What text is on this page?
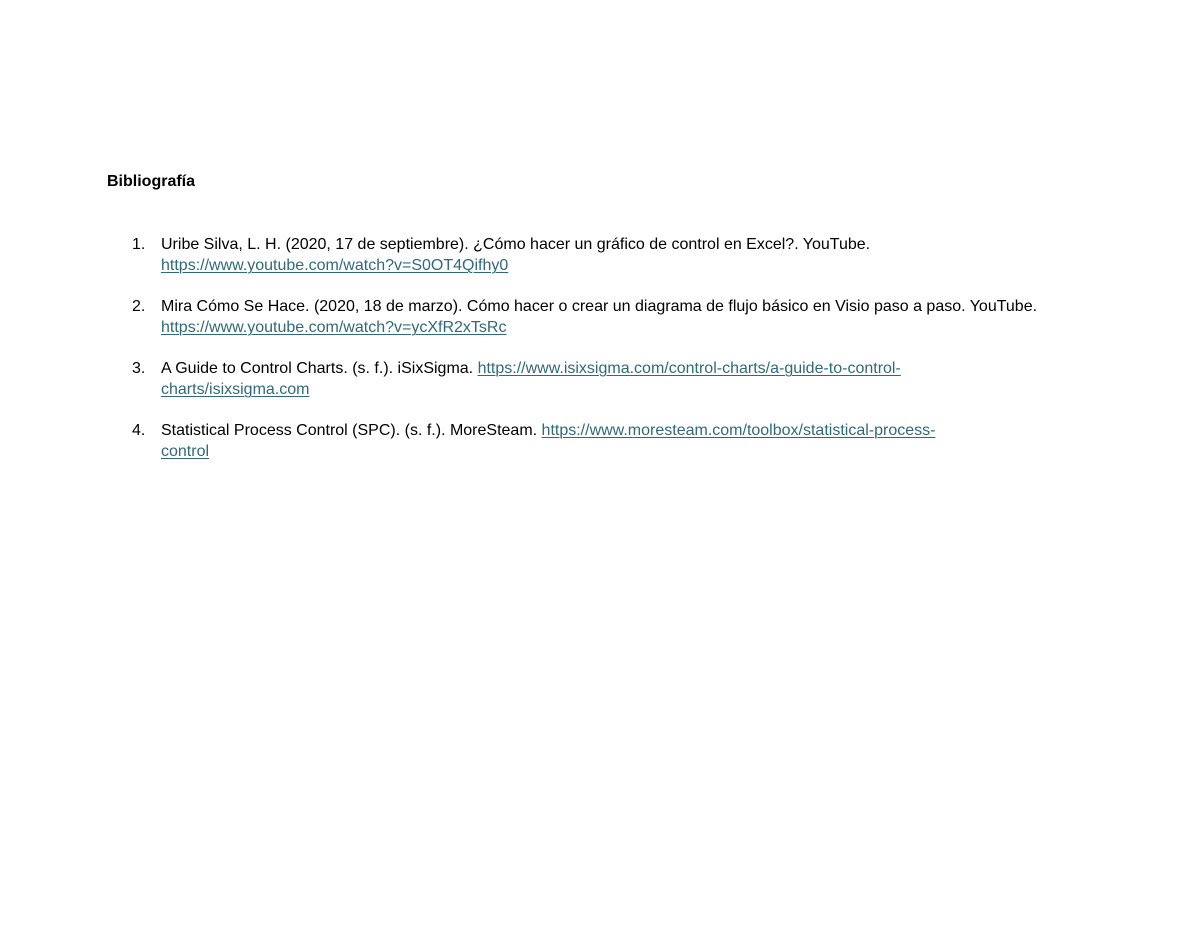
Bibliografía
1. Uribe Silva, L. H. (2020, 17 de septiembre). ¿Cómo hacer un gráfico de control en Excel?. YouTube.
https://www.youtube.com/watch?v=S0OT4Qifhy0
2. Mira Cómo Se Hace. (2020, 18 de marzo). Cómo hacer o crear un diagrama de flujo básico en Visio paso a paso. YouTube. https://www.youtube.com/watch?v=ycXfR2xTsRc
3. A Guide to Control Charts. (s. f.). iSixSigma. https://www.isixsigma.com/control-charts/a-guide-to-control-
charts/isixsigma.com
4. Statistical Process Control (SPC). (s. f.). MoreSteam. https://www.moresteam.com/toolbox/statistical-process-
control
